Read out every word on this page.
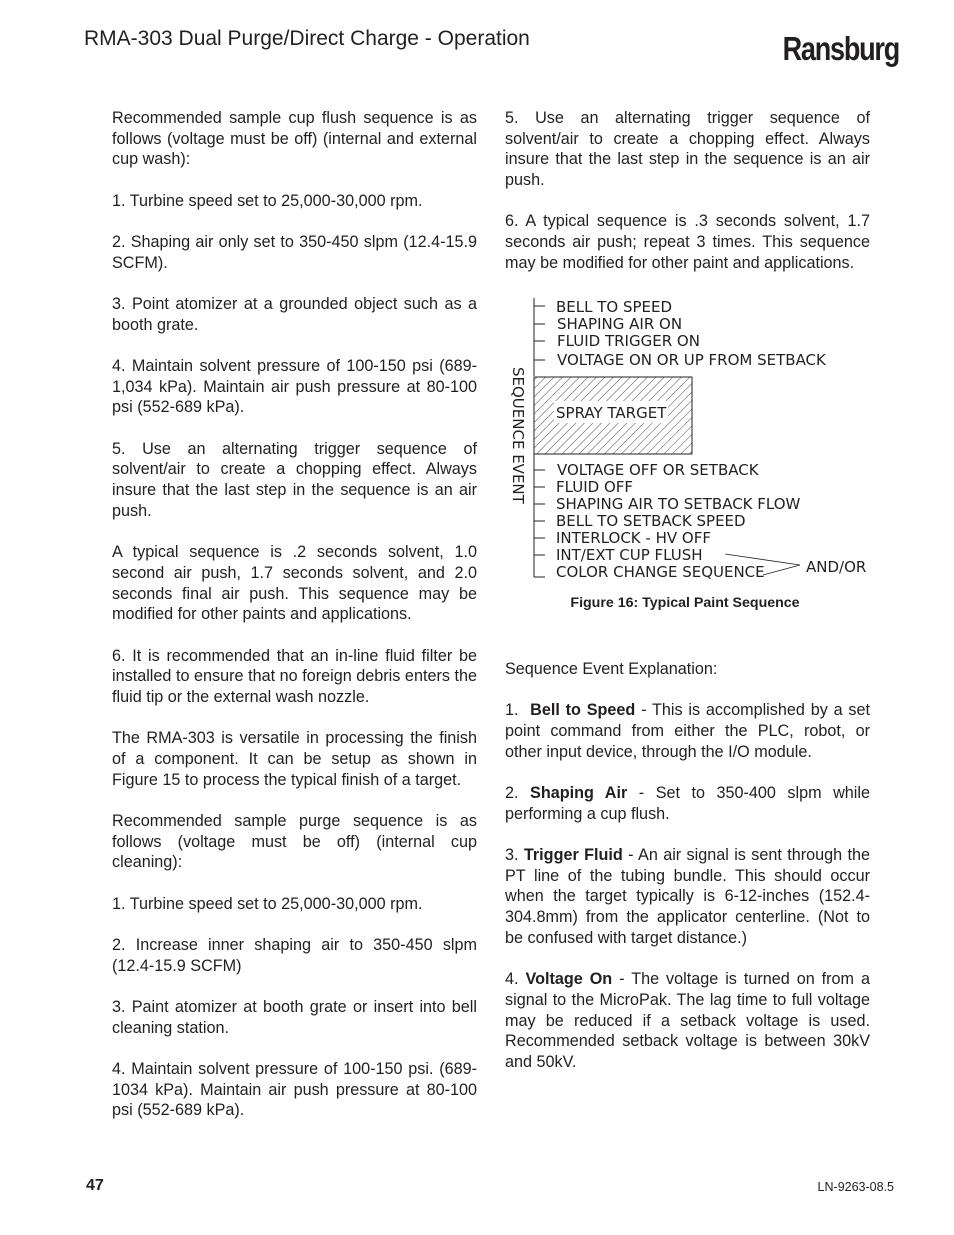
RMA-303 Dual Purge/Direct Charge - Operation	Ransburg

Recommended sample cup flush sequence is as follows (voltage must be off) (internal and external cup wash):

1. Turbine speed set to 25,000-30,000 rpm.

2. Shaping air only set to 350-450 slpm (12.4-15.9 SCFM).

3. Point atomizer at a grounded object such as a booth grate.

4. Maintain solvent pressure of 100-150 psi (689-1,034 kPa). Maintain air push pressure at 80-100 psi (552-689 kPa).

5. Use an alternating trigger sequence of solvent/air to create a chopping effect. Always insure that the last step in the sequence is an air push.

A typical sequence is .2 seconds solvent, 1.0 second air push, 1.7 seconds solvent, and 2.0 seconds final air push. This sequence may be modified for other paints and applications.

6. It is recommended that an in-line fluid filter be installed to ensure that no foreign debris enters the fluid tip or the external wash nozzle.

The RMA-303 is versatile in processing the finish of a component. It can be setup as shown in Figure 15 to process the typical finish of a target.

Recommended sample purge sequence is as follows (voltage must be off) (internal cup cleaning):

1. Turbine speed set to 25,000-30,000 rpm.

2. Increase inner shaping air to 350-450 slpm (12.4-15.9 SCFM)

3. Paint atomizer at booth grate or insert into bell cleaning station.

4. Maintain solvent pressure of 100-150 psi. (689-1034 kPa). Maintain air push pressure at 80-100 psi (552-689 kPa).

5. Use an alternating trigger sequence of solvent/air to create a chopping effect. Always insure that the last step in the sequence is an air push.

6. A typical sequence is .3 seconds solvent, 1.7 seconds air push; repeat 3 times. This sequence may be modified for other paint and applications.

SEQUENCE EVENT
BELL TO SPEED
SHAPING AIR ON
FLUID TRIGGER ON
VOLTAGE ON OR UP FROM SETBACK
SPRAY TARGET
VOLTAGE OFF OR SETBACK
FLUID OFF
SHAPING AIR TO SETBACK FLOW
BELL TO SETBACK SPEED
INTERLOCK - HV OFF
INT/EXT CUP FLUSH
COLOR CHANGE SEQUENCE	AND/OR
Figure 16: Typical Paint Sequence

Sequence Event Explanation:

1. Bell to Speed - This is accomplished by a set point command from either the PLC, robot, or other input device, through the I/O module.

2. Shaping Air - Set to 350-400 slpm while performing a cup flush.

3. Trigger Fluid - An air signal is sent through the PT line of the tubing bundle. This should occur when the target typically is 6-12-inches (152.4-304.8mm) from the applicator centerline. (Not to be confused with target distance.)

4. Voltage On - The voltage is turned on from a signal to the MicroPak. The lag time to full voltage may be reduced if a setback voltage is used. Recommended setback voltage is between 30kV and 50kV.

47	LN-9263-08.5
